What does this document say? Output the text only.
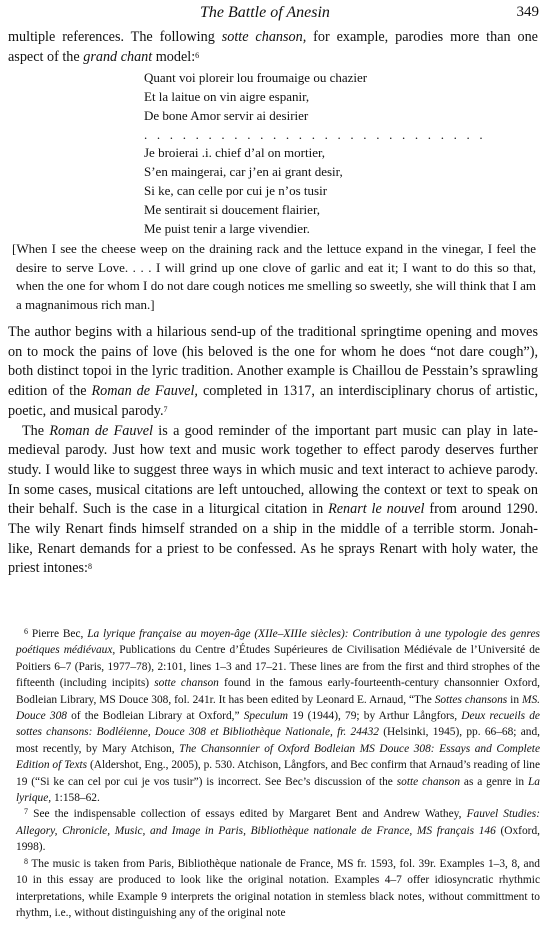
The Battle of Anesin	349

multiple references. The following sotte chanson, for example, parodies more than one aspect of the grand chant model:$^6$

Quant voi ploreir lou froumaige ou chazier
Et la laitue on vin aigre espanir,
De bone Amor servir ai desirier
. . . . . . . . . . . . . . . . . . . . . . . . . . .
Je broierai .i. chief d’al on mortier,
S’en maingerai, car j’en ai grant desir,
Si ke, can celle por cui je n’os tusir
Me sentirait si doucement flairier,
Me puist tenir a large vivendier.
[When I see the cheese weep on the draining rack and the lettuce expand in the vinegar, I feel the desire to serve Love. . . . I will grind up one clove of garlic and eat it; I want to do this so that, when the one for whom I do not dare cough notices me smelling so sweetly, she will think that I am a magnanimous rich man.]

The author begins with a hilarious send-up of the traditional springtime opening and moves on to mock the pains of love (his beloved is the one for whom he does “not dare cough”), both distinct topoi in the lyric tradition. Another example is Chaillou de Pesstain’s sprawling edition of the Roman de Fauvel, completed in 1317, an interdisciplinary chorus of artistic, poetic, and musical parody.$^7$

The Roman de Fauvel is a good reminder of the important part music can play in late-medieval parody. Just how text and music work together to effect parody deserves further study. I would like to suggest three ways in which music and text interact to achieve parody. In some cases, musical citations are left untouched, allowing the context or text to speak on their behalf. Such is the case in a liturgical citation in Renart le nouvel from around 1290. The wily Renart finds himself stranded on a ship in the middle of a terrible storm. Jonah-like, Renart demands for a priest to be confessed. As he sprays Renart with holy water, the priest intones:$^8$

$^6$ Pierre Bec, La lyrique française au moyen-âge (XIIe–XIIIe siècles): Contribution à une typologie des genres poétiques médiévaux, Publications du Centre d’Études Supérieures de Civilisation Médiévale de l’Université de Poitiers 6–7 (Paris, 1977–78), 2:101, lines 1–3 and 17–21. These lines are from the first and third strophes of the fifteenth (including incipits) sotte chanson found in the famous early-fourteenth-century chansonnier Oxford, Bodleian Library, MS Douce 308, fol. 241r. It has been edited by Leonard E. Arnaud, “The Sottes chansons in MS. Douce 308 of the Bodleian Library at Oxford,” Speculum 19 (1944), 79; by Arthur Långfors, Deux recueils de sottes chansons: Bodléienne, Douce 308 et Bibliothèque Nationale, fr. 24432 (Helsinki, 1945), pp. 66–68; and, most recently, by Mary Atchison, The Chansonnier of Oxford Bodleian MS Douce 308: Essays and Complete Edition of Texts (Aldershot, Eng., 2005), p. 530. Atchison, Långfors, and Bec confirm that Arnaud’s reading of line 19 (“Si ke can cel por cui je vos tusir”) is incorrect. See Bec’s discussion of the sotte chanson as a genre in La lyrique, 1:158–62.

$^7$ See the indispensable collection of essays edited by Margaret Bent and Andrew Wathey, Fauvel Studies: Allegory, Chronicle, Music, and Image in Paris, Bibliothèque nationale de France, MS français 146 (Oxford, 1998).

$^8$ The music is taken from Paris, Bibliothèque nationale de France, MS fr. 1593, fol. 39r. Examples 1–3, 8, and 10 in this essay are produced to look like the original notation. Examples 4–7 offer idiosyncratic rhythmic interpretations, while Example 9 interprets the original notation in stemless black notes, without committment to rhythm, i.e., without distinguishing any of the original note
